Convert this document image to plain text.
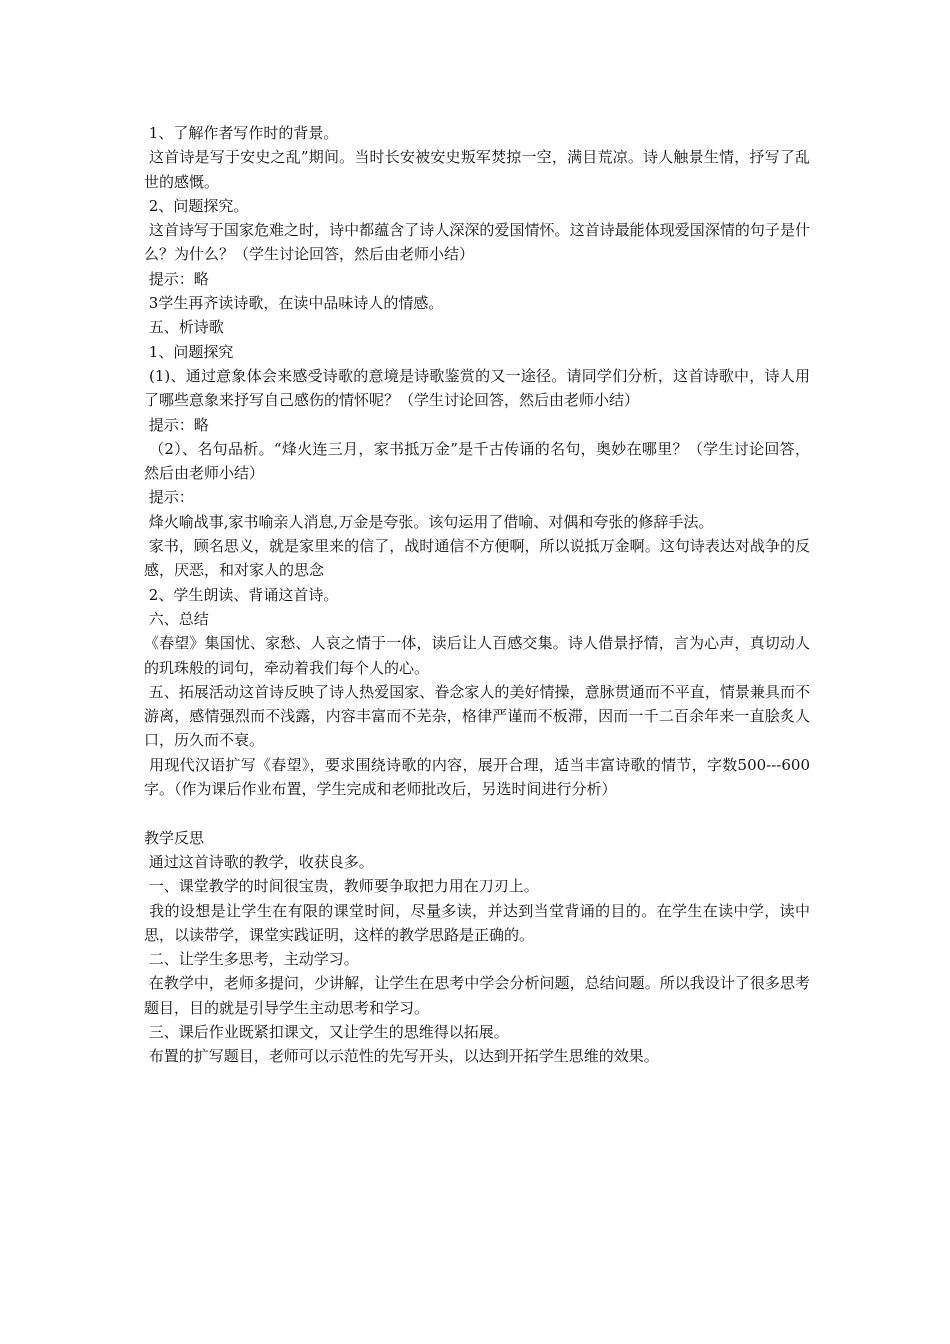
1、了解作者写作时的背景。

这首诗是写于安史之乱”期间。当时长安被安史叛军焚掠一空，满目荒凉。诗人触景生情，抒写了乱世的感慨。

2、问题探究。

这首诗写于国家危难之时，诗中都蕴含了诗人深深的爱国情怀。这首诗最能体现爱国深情的句子是什么？为什么？（学生讨论回答，然后由老师小结）

提示：略

3学生再齐读诗歌，在读中品味诗人的情感。

五、析诗歌

1、问题探究

(1)、通过意象体会来感受诗歌的意境是诗歌鉴赏的又一途径。请同学们分析，这首诗歌中，诗人用了哪些意象来抒写自己感伤的情怀呢？（学生讨论回答，然后由老师小结）

提示：略

（2）、名句品析。“烽火连三月，家书抵万金”是千古传诵的名句，奥妙在哪里？（学生讨论回答，然后由老师小结）

提示：

烽火喻战事,家书喻亲人消息,万金是夸张。该句运用了借喻、对偶和夸张的修辞手法。

家书，顾名思义，就是家里来的信了，战时通信不方便啊，所以说抵万金啊。这句诗表达对战争的反感，厌恶，和对家人的思念

2、学生朗读、背诵这首诗。

六、总结

《春望》集国忧、家愁、人哀之情于一体，读后让人百感交集。诗人借景抒情，言为心声，真切动人的玑珠般的词句，牵动着我们每个人的心。

五、拓展活动这首诗反映了诗人热爱国家、眷念家人的美好情操，意脉贯通而不平直，情景兼具而不游离，感情强烈而不浅露，内容丰富而不芜杂，格律严谨而不板滞，因而一千二百余年来一直脍炙人口，历久而不衰。

用现代汉语扩写《春望》，要求围绕诗歌的内容，展开合理，适当丰富诗歌的情节，字数500---600字。（作为课后作业布置，学生完成和老师批改后，另选时间进行分析）

教学反思

通过这首诗歌的教学，收获良多。

一、课堂教学的时间很宝贵，教师要争取把力用在刀刃上。

我的设想是让学生在有限的课堂时间，尽量多读，并达到当堂背诵的目的。在学生在读中学，读中思，以读带学，课堂实践证明，这样的教学思路是正确的。

二、让学生多思考，主动学习。

在教学中，老师多提问，少讲解，让学生在思考中学会分析问题，总结问题。所以我设计了很多思考题目，目的就是引导学生主动思考和学习。

三、课后作业既紧扣课文，又让学生的思维得以拓展。

布置的扩写题目，老师可以示范性的先写开头，以达到开拓学生思维的效果。
